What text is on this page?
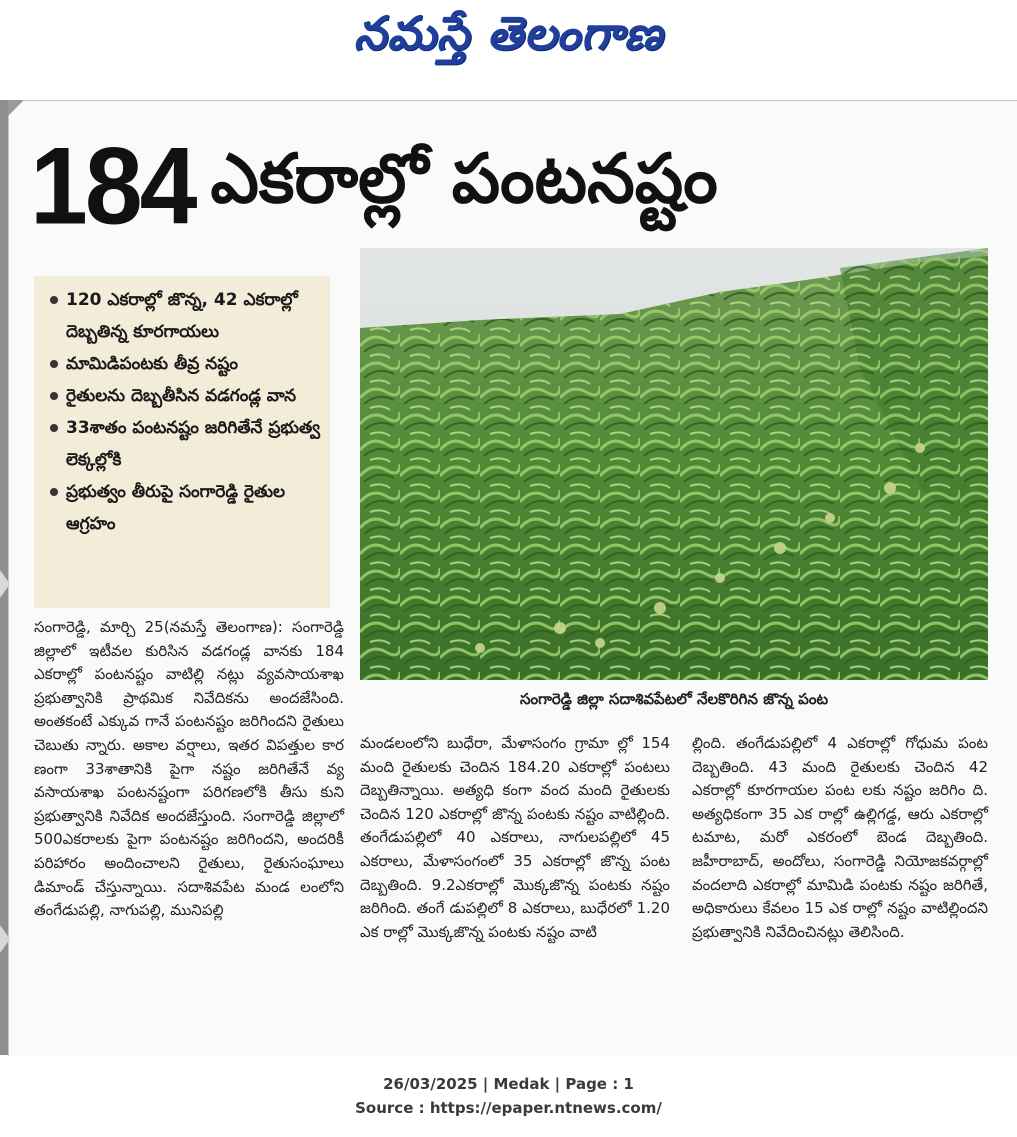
నమస్తే తెలంగాణ
184 ఎకరాల్లో పంటనష్టం
120 ఎకరాల్లో జొన్న, 42 ఎకరాల్లో దెబ్బతిన్న కూరగాయలు
మామిడిపంటకు తీవ్ర నష్టం
రైతులను దెబ్బతీసిన వడగండ్ల వాన
33శాతం పంటనష్టం జరిగితేనే ప్రభుత్వ లెక్కల్లోకి
ప్రభుత్వం తీరుపై సంగారెడ్డి రైతుల ఆగ్రహం
సంగారెడ్డి జిల్లా సదాశివపేటలో నేలకొరిగిన జొన్న పంట

సంగారెడ్డి, మార్చి 25(నమస్తే తెలంగాణ): సంగారెడ్డి జిల్లాలో ఇటీవల కురిసిన వడగండ్ల వానకు 184 ఎకరాల్లో పంటనష్టం వాటిల్లి నట్లు వ్యవసాయశాఖ ప్రభుత్వానికి ప్రాథమిక నివేదికను అందజేసింది. అంతకంటే ఎక్కువ గానే పంటనష్టం జరిగిందని రైతులు చెబుతు న్నారు. అకాల వర్షాలు, ఇతర విపత్తుల కార ణంగా 33శాతానికి పైగా నష్టం జరిగితేనే వ్య వసాయశాఖ పంటనష్టంగా పరిగణలోకి తీసు కుని ప్రభుత్వానికి నివేదిక అందజేస్తుంది. సంగారెడ్డి జిల్లాలో 500ఎకరాలకు పైగా పంటనష్టం జరిగిందని, అందరికీ పరిహారం అందించాలని రైతులు, రైతుసంఘాలు డిమాండ్ చేస్తున్నాయి. సదాశివపేట మండ లంలోని తంగేడుపల్లి, నాగుపల్లి, మునిపల్లి

మండలంలోని బుధేరా, మేళాసంగం గ్రామా ల్లో 154 మంది రైతులకు చెందిన 184.20 ఎకరాల్లో పంటలు దెబ్బతిన్నాయి. అత్యధి కంగా వంద మంది రైతులకు చెందిన 120 ఎకరాల్లో జొన్న పంటకు నష్టం వాటిల్లింది. తంగేడుపల్లిలో 40 ఎకరాలు, నాగులపల్లిలో 45 ఎకరాలు, మేళాసంగంలో 35 ఎకరాల్లో జొన్న పంట దెబ్బతింది. 9.2ఎకరాల్లో మొక్కజొన్న పంటకు నష్టం జరిగింది. తంగే డుపల్లిలో 8 ఎకరాలు, బుధేరలో 1.20 ఎక రాల్లో మొక్కజొన్న పంటకు నష్టం వాటి

ల్లింది. తంగేడుపల్లిలో 4 ఎకరాల్లో గోధుమ పంట దెబ్బతింది. 43 మంది రైతులకు చెందిన 42 ఎకరాల్లో కూరగాయల పంట లకు నష్టం జరిగిం ది. అత్యధికంగా 35 ఎక రాల్లో ఉల్లిగడ్డ, ఆరు ఎకరాల్లో టమాట, మరో ఎకరంలో బెండ దెబ్బతింది. జహీరాబాద్, అందోలు, సంగారెడ్డి నియోజకవర్గాల్లో వందలాది ఎకరాల్లో మామిడి పంటకు నష్టం జరిగితే, అధికారులు కేవలం 15 ఎక రాల్లో నష్టం వాటిల్లిందని ప్రభుత్వానికి నివేదించినట్లు తెలిసింది.

26/03/2025 | Medak | Page : 1
Source : https://epaper.ntnews.com/
